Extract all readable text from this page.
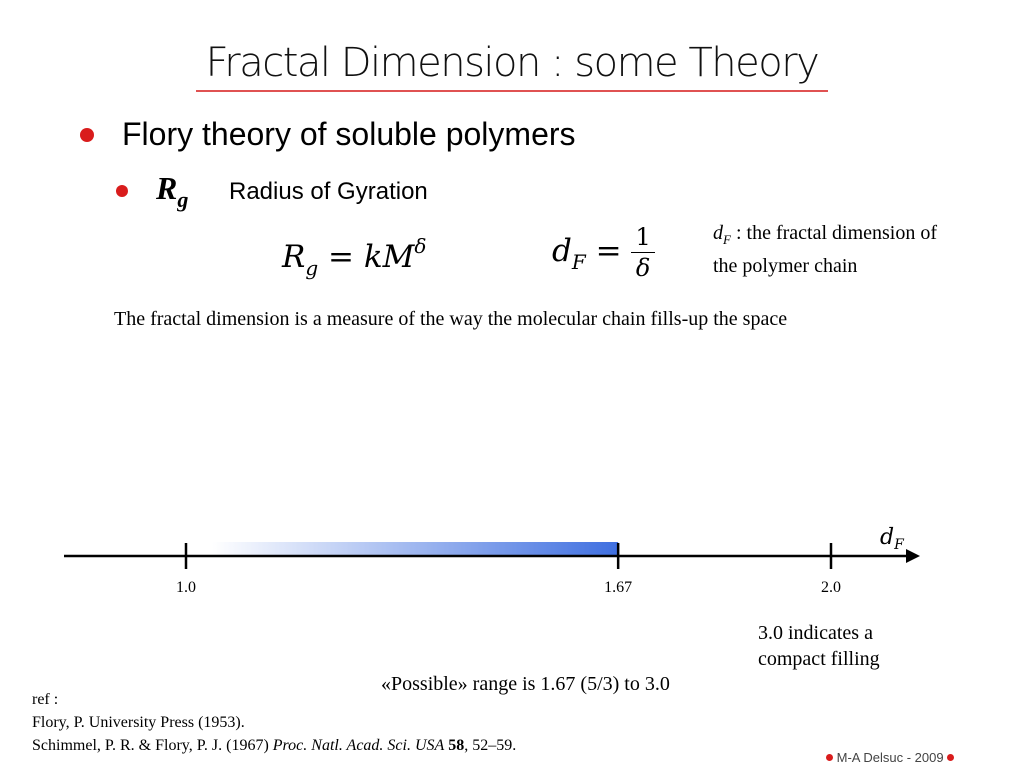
Fractal Dimension : some Theory
Flory theory of soluble polymers
$R_g$ Radius of Gyration
$R_g = kM^\delta$	$d_F = \frac{1}{\delta}$	$d_F$ : the fractal dimension of
the polymer chain
The fractal dimension is a measure of the way the molecular chain fills-up the space
1.0	1.67	2.0
$d_F$
3.0 indicates a
compact filling
«Possible» range is 1.67 (5/3) to 3.0
ref :
Flory, P. University Press (1953).
Schimmel, P. R. & Flory, P. J. (1967) Proc. Natl. Acad. Sci. USA 58, 52–59.
M-A Delsuc - 2009
